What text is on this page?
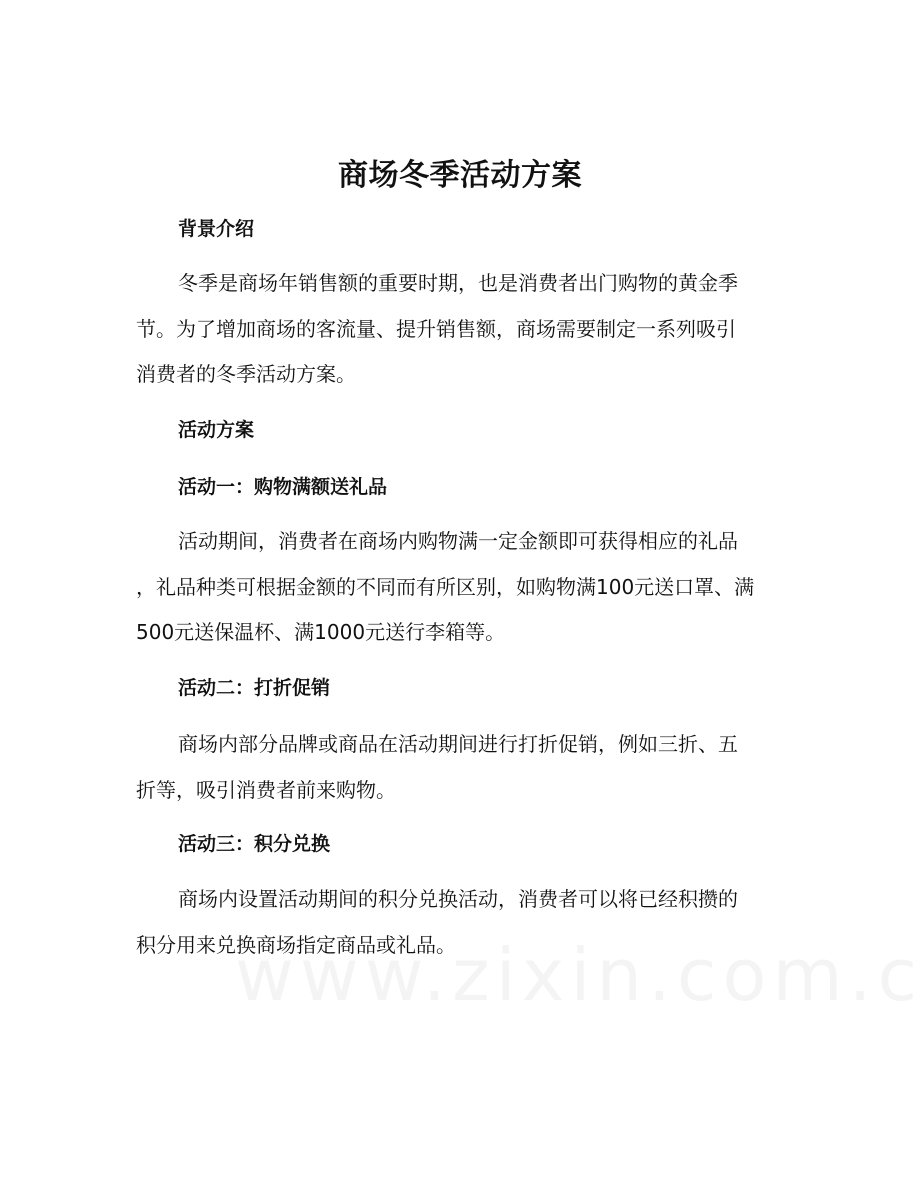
商场冬季活动方案
背景介绍
冬季是商场年销售额的重要时期，也是消费者出门购物的黄金季
节。为了增加商场的客流量、提升销售额，商场需要制定一系列吸引
消费者的冬季活动方案。
活动方案
活动一：购物满额送礼品
活动期间，消费者在商场内购物满一定金额即可获得相应的礼品
，礼品种类可根据金额的不同而有所区别，如购物满100元送口罩、满
500元送保温杯、满1000元送行李箱等。
活动二：打折促销
商场内部分品牌或商品在活动期间进行打折促销，例如三折、五
折等，吸引消费者前来购物。
活动三：积分兑换
商场内设置活动期间的积分兑换活动，消费者可以将已经积攒的
积分用来兑换商场指定商品或礼品。
